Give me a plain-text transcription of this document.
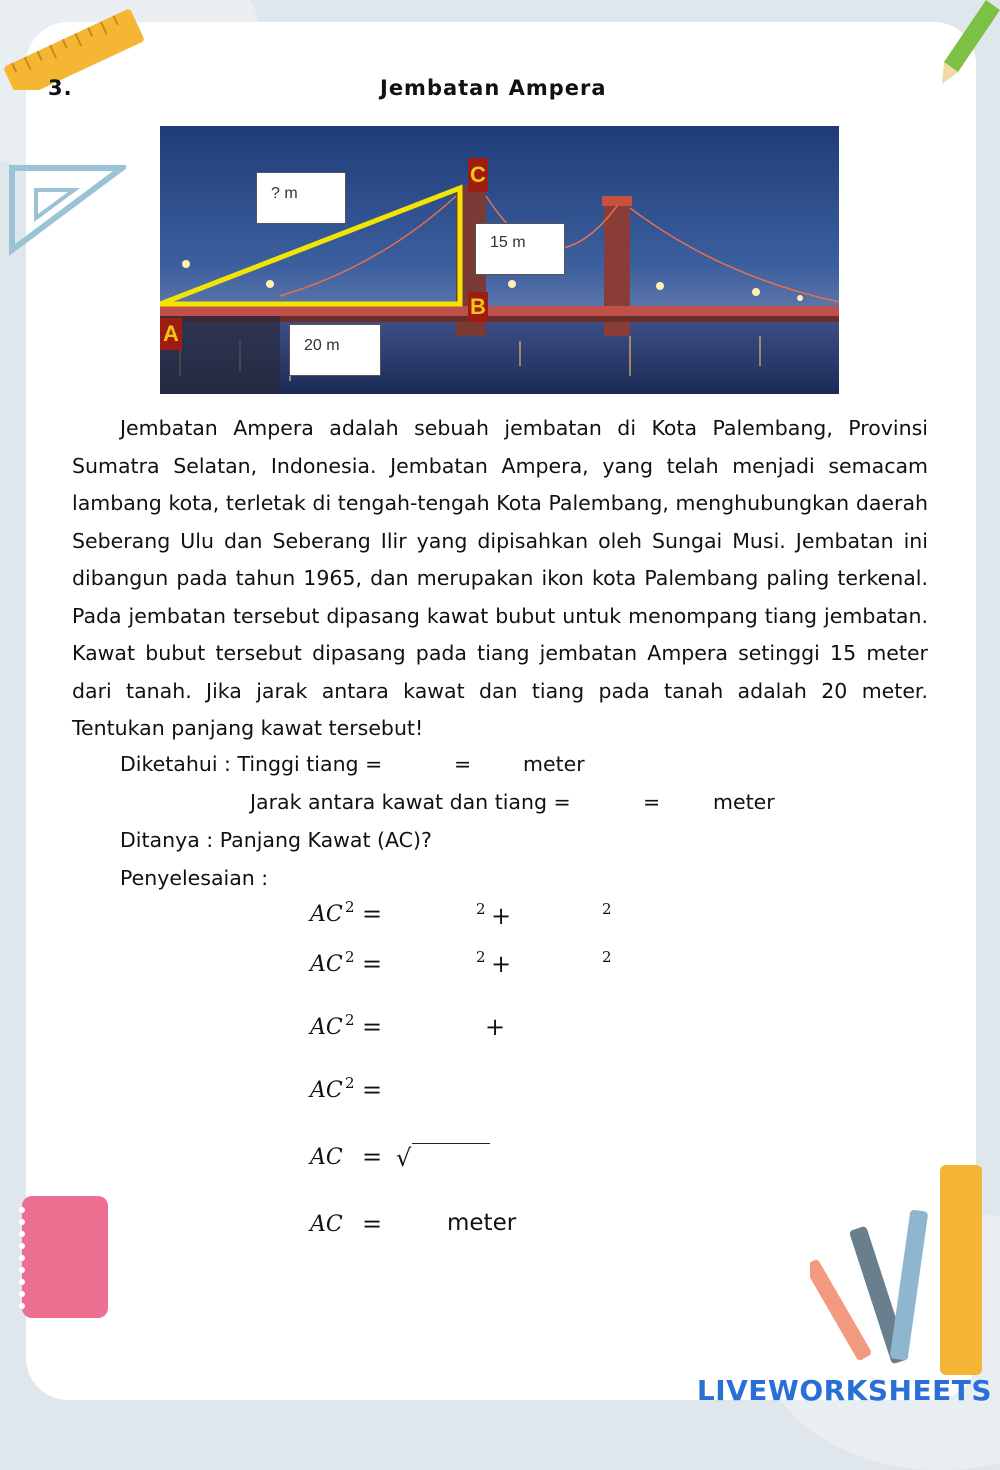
3.	Jembatan Ampera
? m
15 m
20 m
A
B
C
Jembatan Ampera adalah sebuah jembatan di Kota Palembang, Provinsi Sumatra Selatan, Indonesia. Jembatan Ampera, yang telah menjadi semacam lambang kota, terletak di tengah-tengah Kota Palembang, menghubungkan daerah Seberang Ulu dan Seberang Ilir yang dipisahkan oleh Sungai Musi. Jembatan ini dibangun pada tahun 1965, dan merupakan ikon kota Palembang paling terkenal. Pada jembatan tersebut dipasang kawat bubut untuk menompang tiang jembatan. Kawat bubut tersebut dipasang pada tiang jembatan Ampera setinggi 15 meter dari tanah. Jika jarak antara kawat dan tiang pada tanah adalah 20 meter. Tentukan panjang kawat tersebut!
Diketahui : Tinggi tiang =	=	meter
Jarak antara kawat dan tiang =	=	meter
Ditanya : Panjang Kawat (AC)?
Penyelesaian :
AC 2 =	2 +	2
AC 2 =	2 +	2
AC 2 =	+
AC 2 =
AC = √
AC =	meter
LIVEWORKSHEETS
